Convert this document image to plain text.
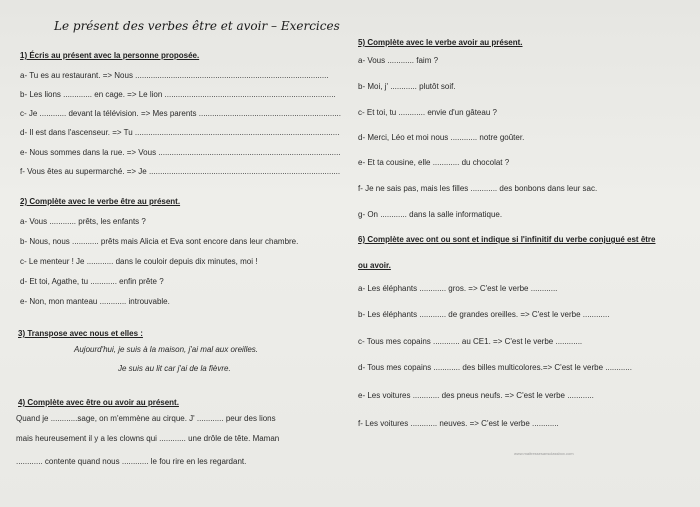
Le présent des verbes être et avoir – Exercices
1) Écris au présent avec la personne proposée.
a- Tu es au restaurant. => Nous .......................................................................................
b- Les lions ............. en cage. => Le lion .............................................................................
c- Je ............ devant la télévision. => Mes parents ................................................................
d- Il est dans l'ascenseur. => Tu ............................................................................................
e- Nous sommes dans la rue. => Vous ..................................................................................
f- Vous êtes au supermarché. => Je ......................................................................................
2) Complète avec le verbe être au présent.
a- Vous ............ prêts, les enfants ?
b- Nous, nous ............ prêts mais Alicia et Eva sont encore dans leur chambre.
c- Le menteur ! Je ............ dans le couloir depuis dix minutes, moi !
d- Et toi, Agathe, tu ............ enfin prête ?
e- Non, mon manteau ............ introuvable.
3) Transpose avec nous et elles :
Aujourd'hui, je suis à la maison, j'ai mal aux oreilles.
Je suis au lit car j'ai de la fièvre.
4) Complète avec être ou avoir au présent.
Quand je ............sage, on m'emmène au cirque. J' ............ peur des lions
mais heureusement il y a les clowns qui ............ une drôle de tête. Maman
............ contente quand nous ............ le fou rire en les regardant.
5) Complète avec le verbe avoir au présent.
a- Vous ............ faim ?
b- Moi, j' ............ plutôt soif.
c- Et toi, tu ............ envie d'un gâteau ?
d- Merci, Léo et moi nous ............ notre goûter.
e- Et ta cousine, elle ............ du chocolat ?
f- Je ne sais pas, mais les filles ............ des bonbons dans leur sac.
g- On ............ dans la salle informatique.
6) Complète avec ont ou sont et indique si l'infinitif du verbe conjugué est être
ou avoir.
a- Les éléphants ............ gros. => C'est le verbe ............
b- Les éléphants ............ de grandes oreilles. => C'est le verbe ............
c- Tous mes copains ............ au CE1. => C'est le verbe ............
d- Tous mes copains ............ des billes multicolores.=> C'est le verbe ............
e- Les voitures ............ des pneus neufs. => C'est le verbe ............
f- Les voitures ............ neuves. => C'est le verbe ............
www.maitressesansclassbox.com
